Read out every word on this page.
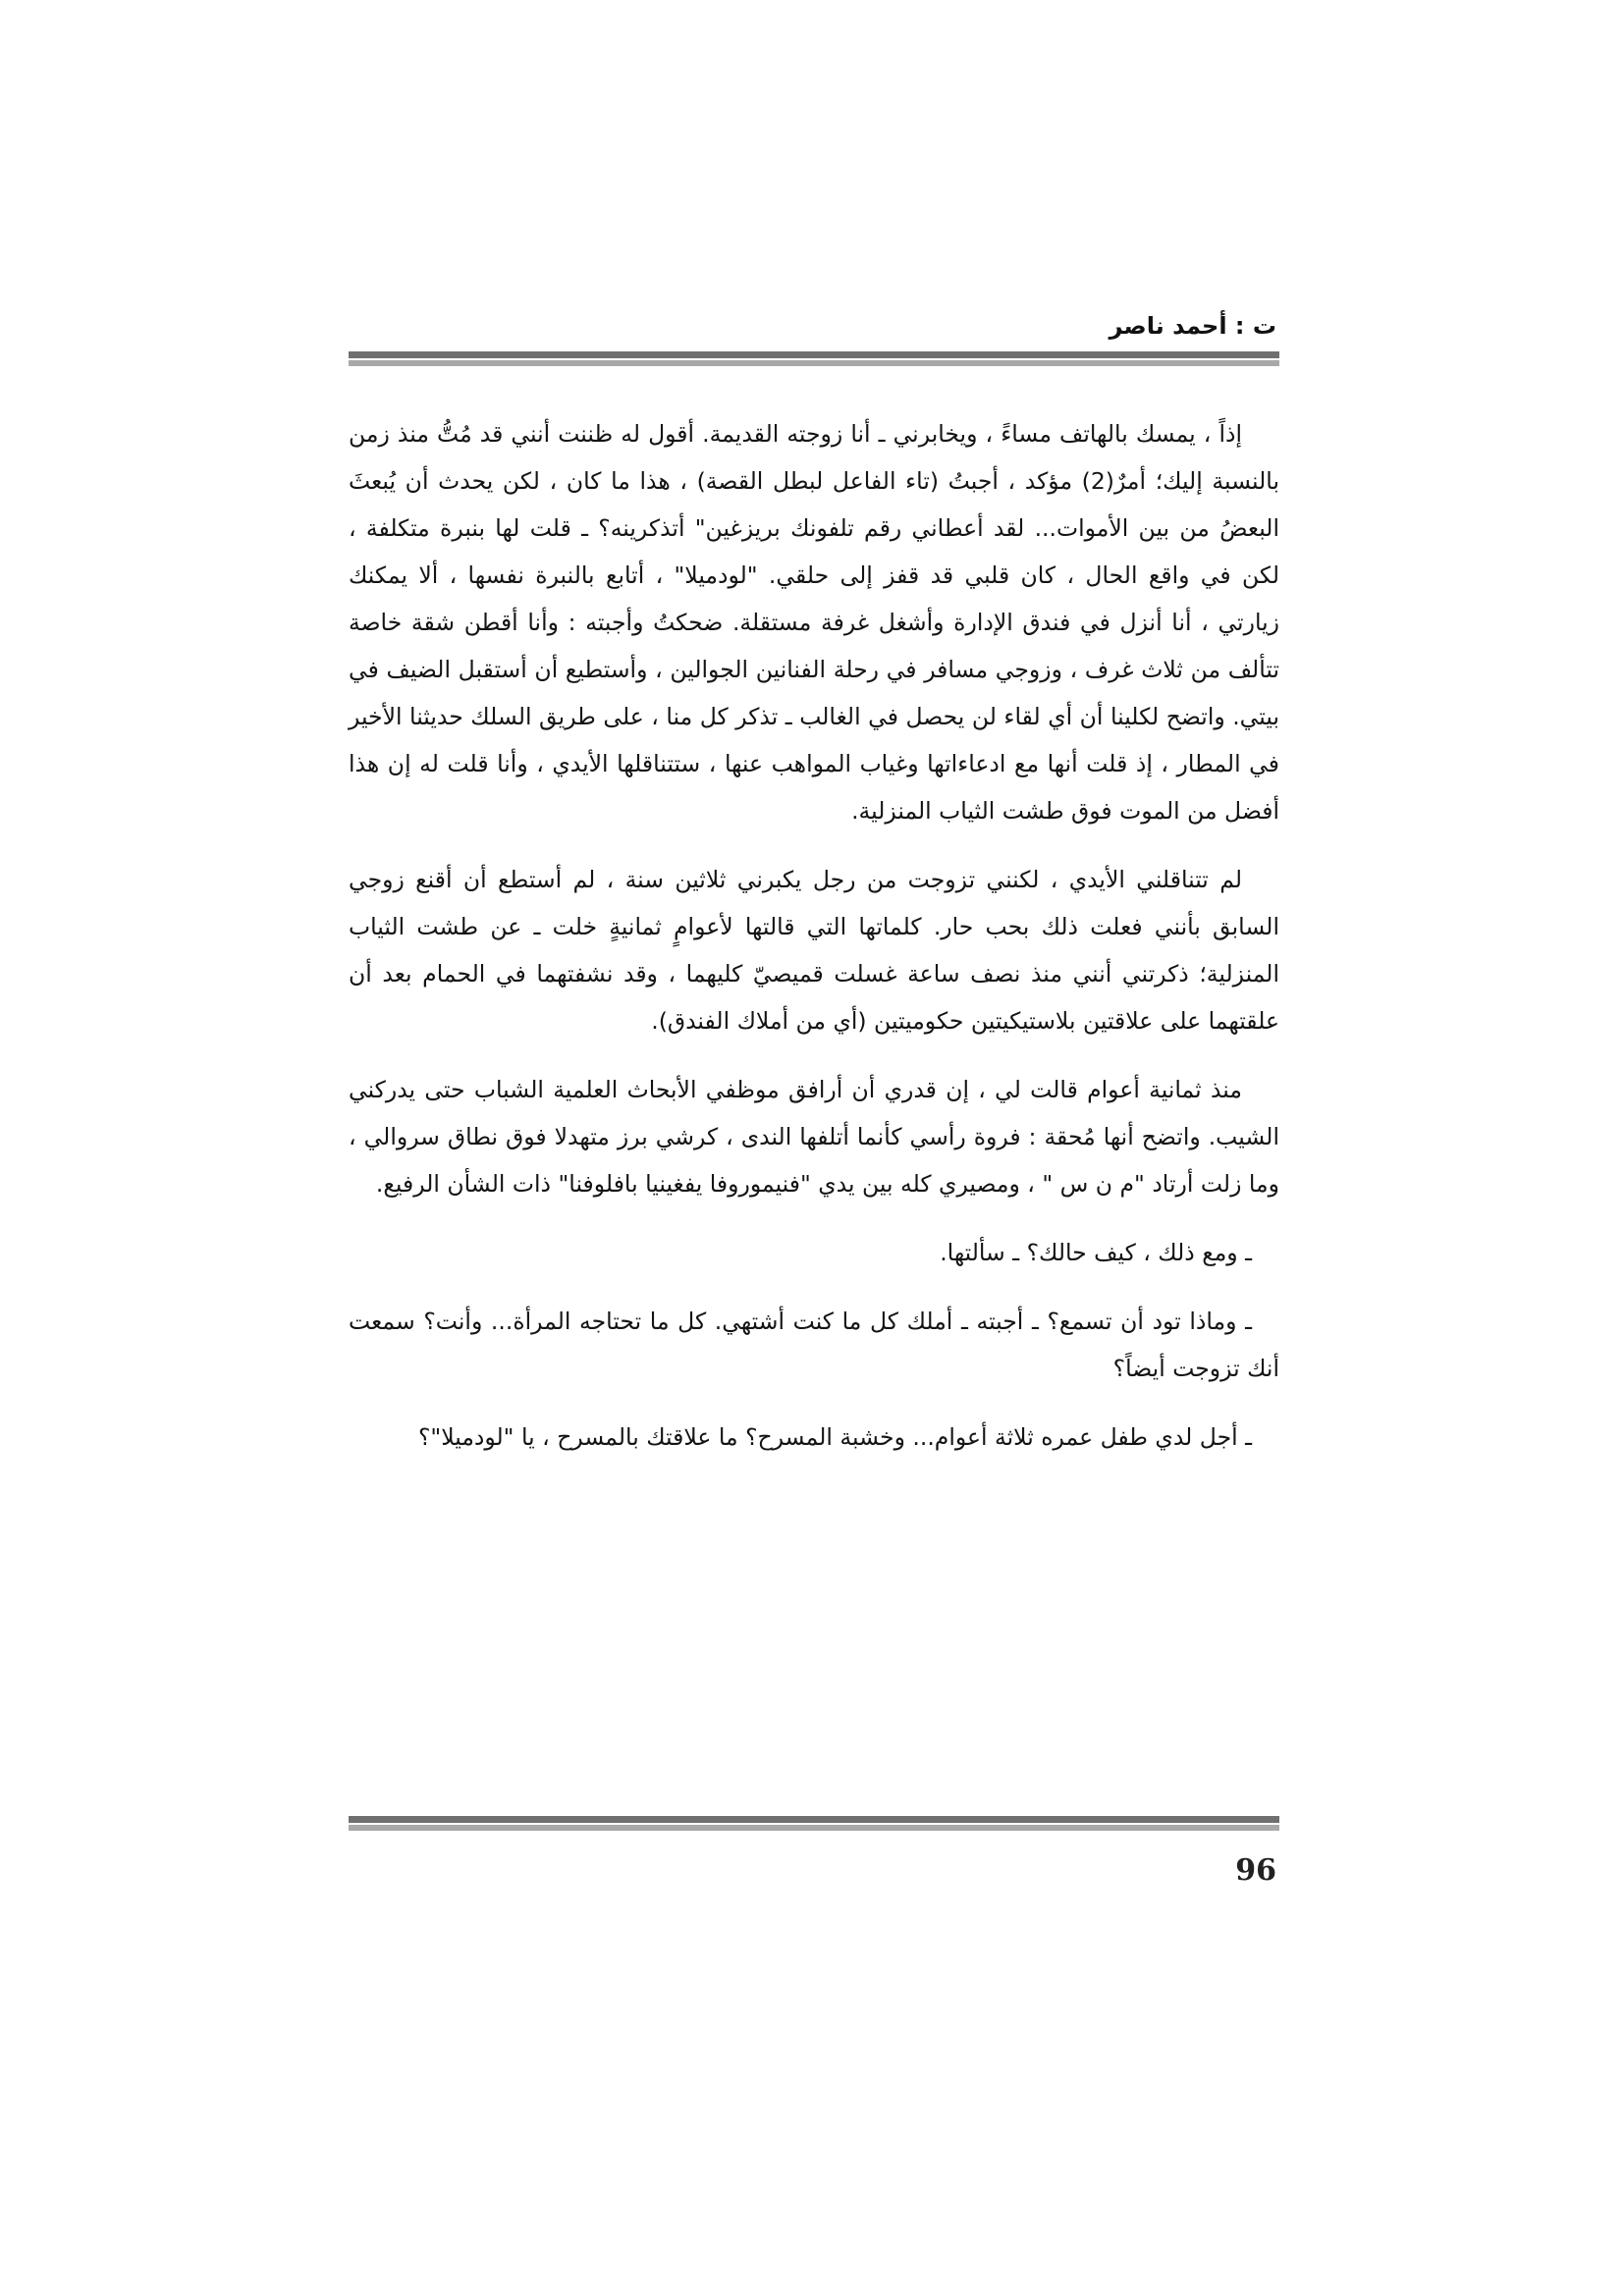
ت : أحمد ناصر

إذاً ، يمسك بالهاتف مساءً ، ويخابرني ـ أنا زوجته القديمة. أقول له ظننت أنني قد مُتُّ منذ زمن بالنسبة إليك؛ أمرٌ(2) مؤكد ، أجبتُ (تاء الفاعل لبطل القصة) ، هذا ما كان ، لكن يحدث أن يُبعثَ البعضُ من بين الأموات... لقد أعطاني رقم تلفونك بريزغين" أتذكرينه؟ ـ قلت لها بنبرة متكلفة ، لكن في واقع الحال ، كان قلبي قد قفز إلى حلقي. "لودميلا" ، أتابع بالنبرة نفسها ، ألا يمكنك زيارتي ، أنا أنزل في فندق الإدارة وأشغل غرفة مستقلة. ضحكتُ وأجبته : وأنا أقطن شقة خاصة تتألف من ثلاث غرف ، وزوجي مسافر في رحلة الفنانين الجوالين ، وأستطيع أن أستقبل الضيف في بيتي. واتضح لكلينا أن أي لقاء لن يحصل في الغالب ـ تذكر كل منا ، على طريق السلك حديثنا الأخير في المطار ، إذ قلت أنها مع ادعاءاتها وغياب المواهب عنها ، ستتناقلها الأيدي ، وأنا قلت له إن هذا أفضل من الموت فوق طشت الثياب المنزلية.

لم تتناقلني الأيدي ، لكنني تزوجت من رجل يكبرني ثلاثين سنة ، لم أستطع أن أقنع زوجي السابق بأنني فعلت ذلك بحب حار. كلماتها التي قالتها لأعوامٍ ثمانيةٍ خلت ـ عن طشت الثياب المنزلية؛ ذكرتني أنني منذ نصف ساعة غسلت قميصيّ كليهما ، وقد نشفتهما في الحمام بعد أن علقتهما على علاقتين بلاستيكيتين حكوميتين (أي من أملاك الفندق).

منذ ثمانية أعوام قالت لي ، إن قدري أن أرافق موظفي الأبحاث العلمية الشباب حتى يدركني الشيب. واتضح أنها مُحقة : فروة رأسي كأنما أتلفها الندى ، كرشي برز متهدلا فوق نطاق سروالي ، وما زلت أرتاد "م ن س " ، ومصيري كله بين يدي "فنيموروفا يفغينيا بافلوفنا" ذات الشأن الرفيع.

ـ ومع ذلك ، كيف حالك؟ ـ سألتها.

ـ وماذا تود أن تسمع؟ ـ أجبته ـ أملك كل ما كنت أشتهي. كل ما تحتاجه المرأة... وأنت؟ سمعت أنك تزوجت أيضاً؟

ـ أجل لدي طفل عمره ثلاثة أعوام... وخشبة المسرح؟ ما علاقتك بالمسرح ، يا "لودميلا"؟

96
